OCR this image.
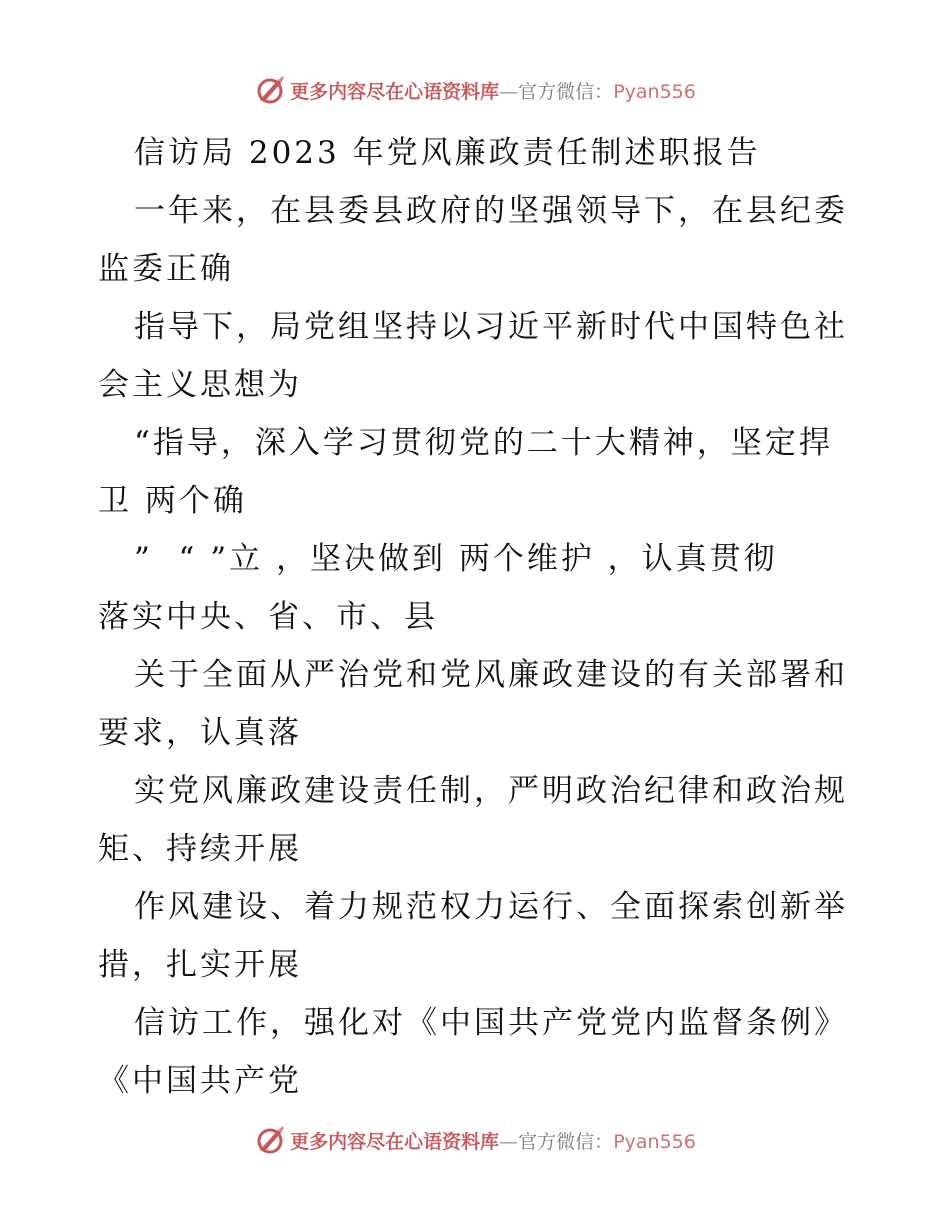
更多内容尽在心语资料库—官方微信：Pyan556
信访局 2023 年党风廉政责任制述职报告
一年来，在县委县政府的坚强领导下，在县纪委
监委正确
指导下，局党组坚持以习近平新时代中国特色社
会主义思想为
“指导，深入学习贯彻党的二十大精神，坚定捍
卫 两个确
”  “ ”立 ，坚决做到 两个维护 ，认真贯彻
落实中央、省、市、县
关于全面从严治党和党风廉政建设的有关部署和
要求，认真落
实党风廉政建设责任制，严明政治纪律和政治规
矩、持续开展
作风建设、着力规范权力运行、全面探索创新举
措，扎实开展
信访工作，强化对《中国共产党党内监督条例》
《中国共产党
更多内容尽在心语资料库—官方微信：Pyan556
